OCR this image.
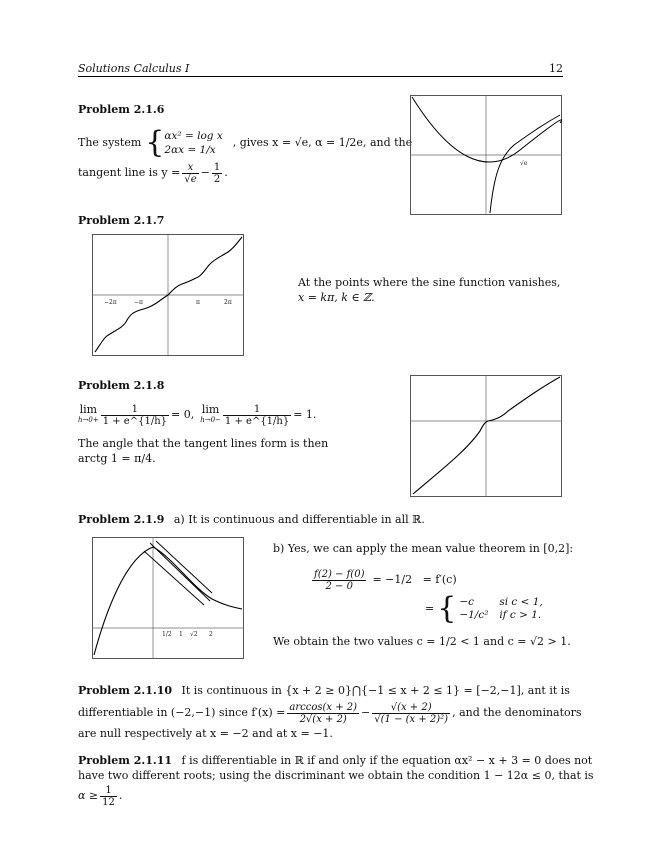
Solutions Calculus I	12
Problem 2.1.6
The system { αx² = log x
2αx = 1/x
, gives x = √e, α = 1/2e, and the
tangent line is $y = \frac{x}{√e} - \frac{1}{2}$ .
√e
Problem 2.1.7
−2π	−π	π	2π
At the points where the sine function vanishes,
x = kπ, k ∈ ℤ.
Problem 2.1.8
lim
$h\to 0+ \frac{1}{1 + e\^{}\{1/h\}} = 0$, lim
$h\to 0- \frac{1}{1 + e\^{}\{1/h\}} = 1$.
The angle that the tangent lines form is then
arctg 1 = π/4.
Problem 2.1.9 a) It is continuous and differentiable in all ℝ.
1/2 1 √2 2
b) Yes, we can apply the mean value theorem in [0,2]:
$\frac{f(2) - f(0)}{2 - 0} = -1/2 = f'(c)$
= { −c si c < 1,
−1/c² if c > 1.
We obtain the two values c = 1/2 < 1 and c = √2 > 1.
Problem 2.1.10 It is continuous in {x + 2 ≥ 0}⋂{−1 ≤ x + 2 ≤ 1} = [−2,−1], ant it is
differentiable in (−2,−1) since $f'(x) = \frac{\arccos(x + 2)}{2√(x + 2)} - \frac{√(x + 2)}{\text{√(1 − (x + 2)²)}}$ , and the denominators
are null respectively at x = −2 and at x = −1.
Problem 2.1.11 f is differentiable in ℝ if and only if the equation αx² − x + 3 = 0 does not
have two different roots; using the discriminant we obtain the condition 1 − 12α ≤ 0, that is
$\alpha \ge \frac{1}{12}$ .
